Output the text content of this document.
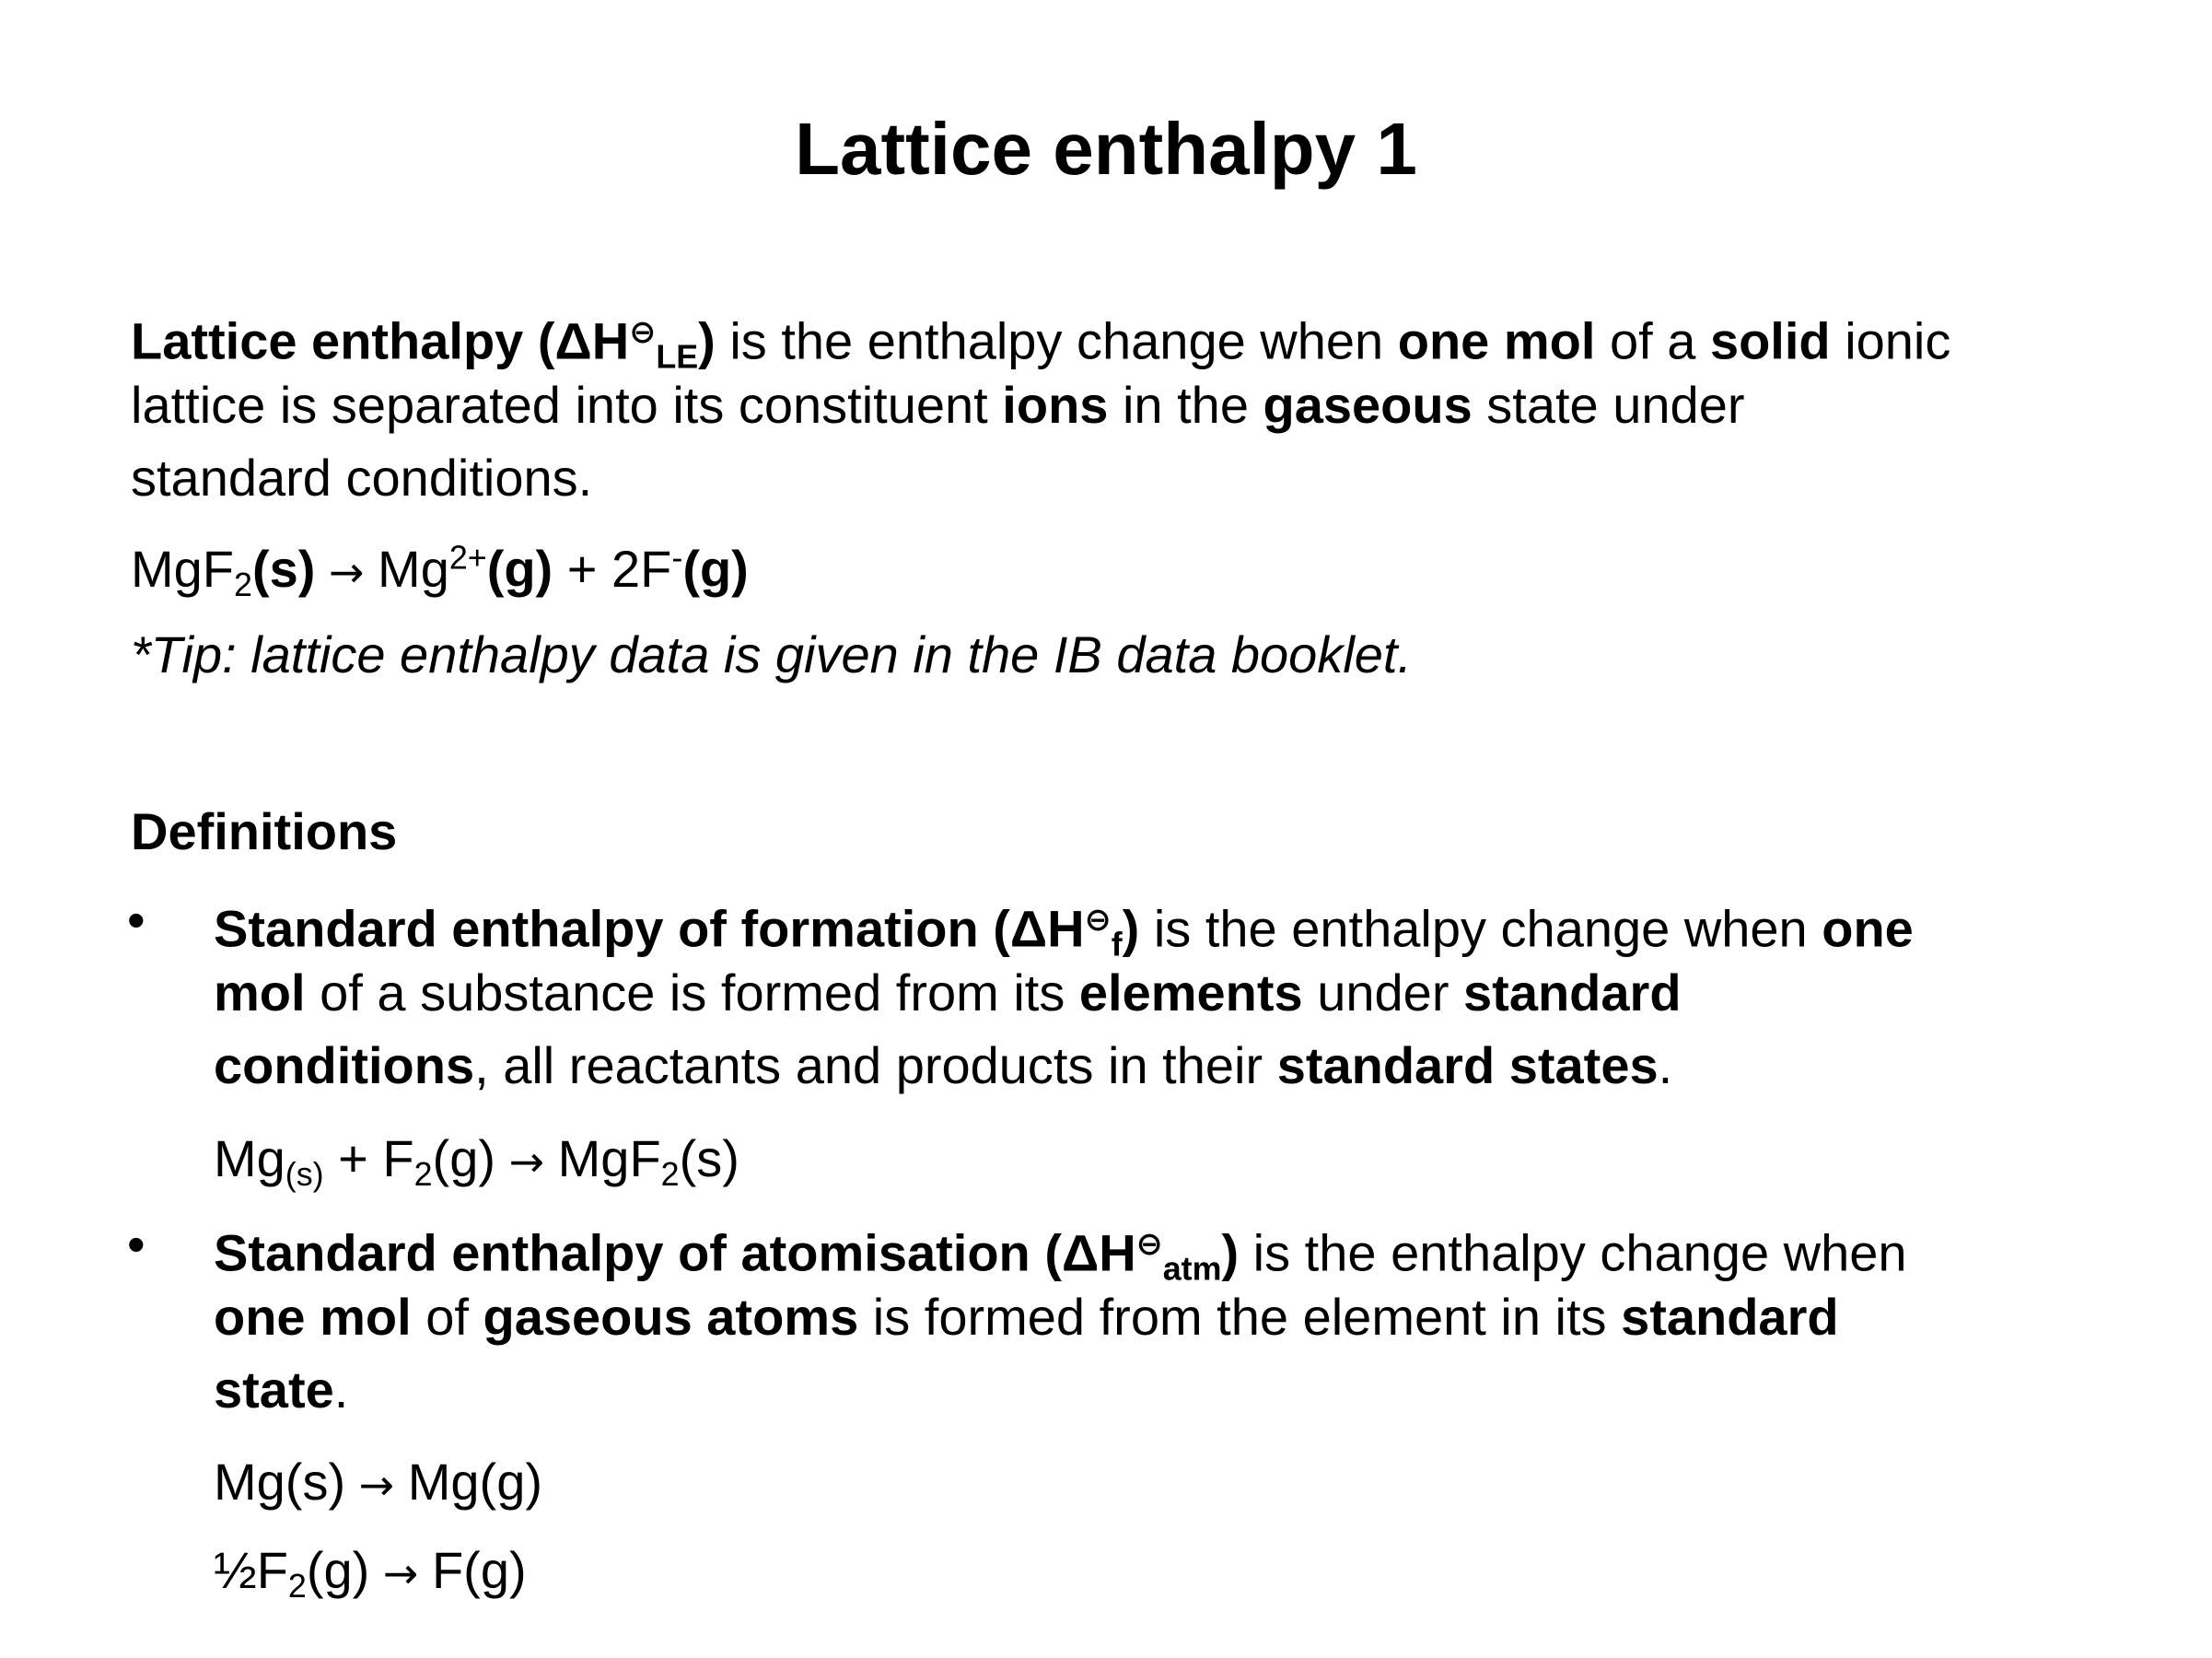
Lattice enthalpy 1
Lattice enthalpy $(\Delta H^⊖_{LE})$ is the enthalpy change when one mol of a solid ionic
lattice is separated into its constituent ions in the gaseous state under
standard conditions.
$MgF_2(s) \to Mg^{2+}(g) + 2F^-(g)$
*Tip: lattice enthalpy data is given in the IB data booklet.
Definitions
• Standard enthalpy of formation $(\Delta H^⊖_f)$ is the enthalpy change when one
mol of a substance is formed from its elements under standard
conditions, all reactants and products in their standard states.
$Mg_{(s)} + F_2(g) \to MgF_2(s)$
• Standard enthalpy of atomisation $(\Delta H^⊖_{atm})$ is the enthalpy change when
one mol of gaseous atoms is formed from the element in its standard
state.
Mg(s) → Mg(g)
$\frac{1}{2}F_2(g) \to F(g)$
